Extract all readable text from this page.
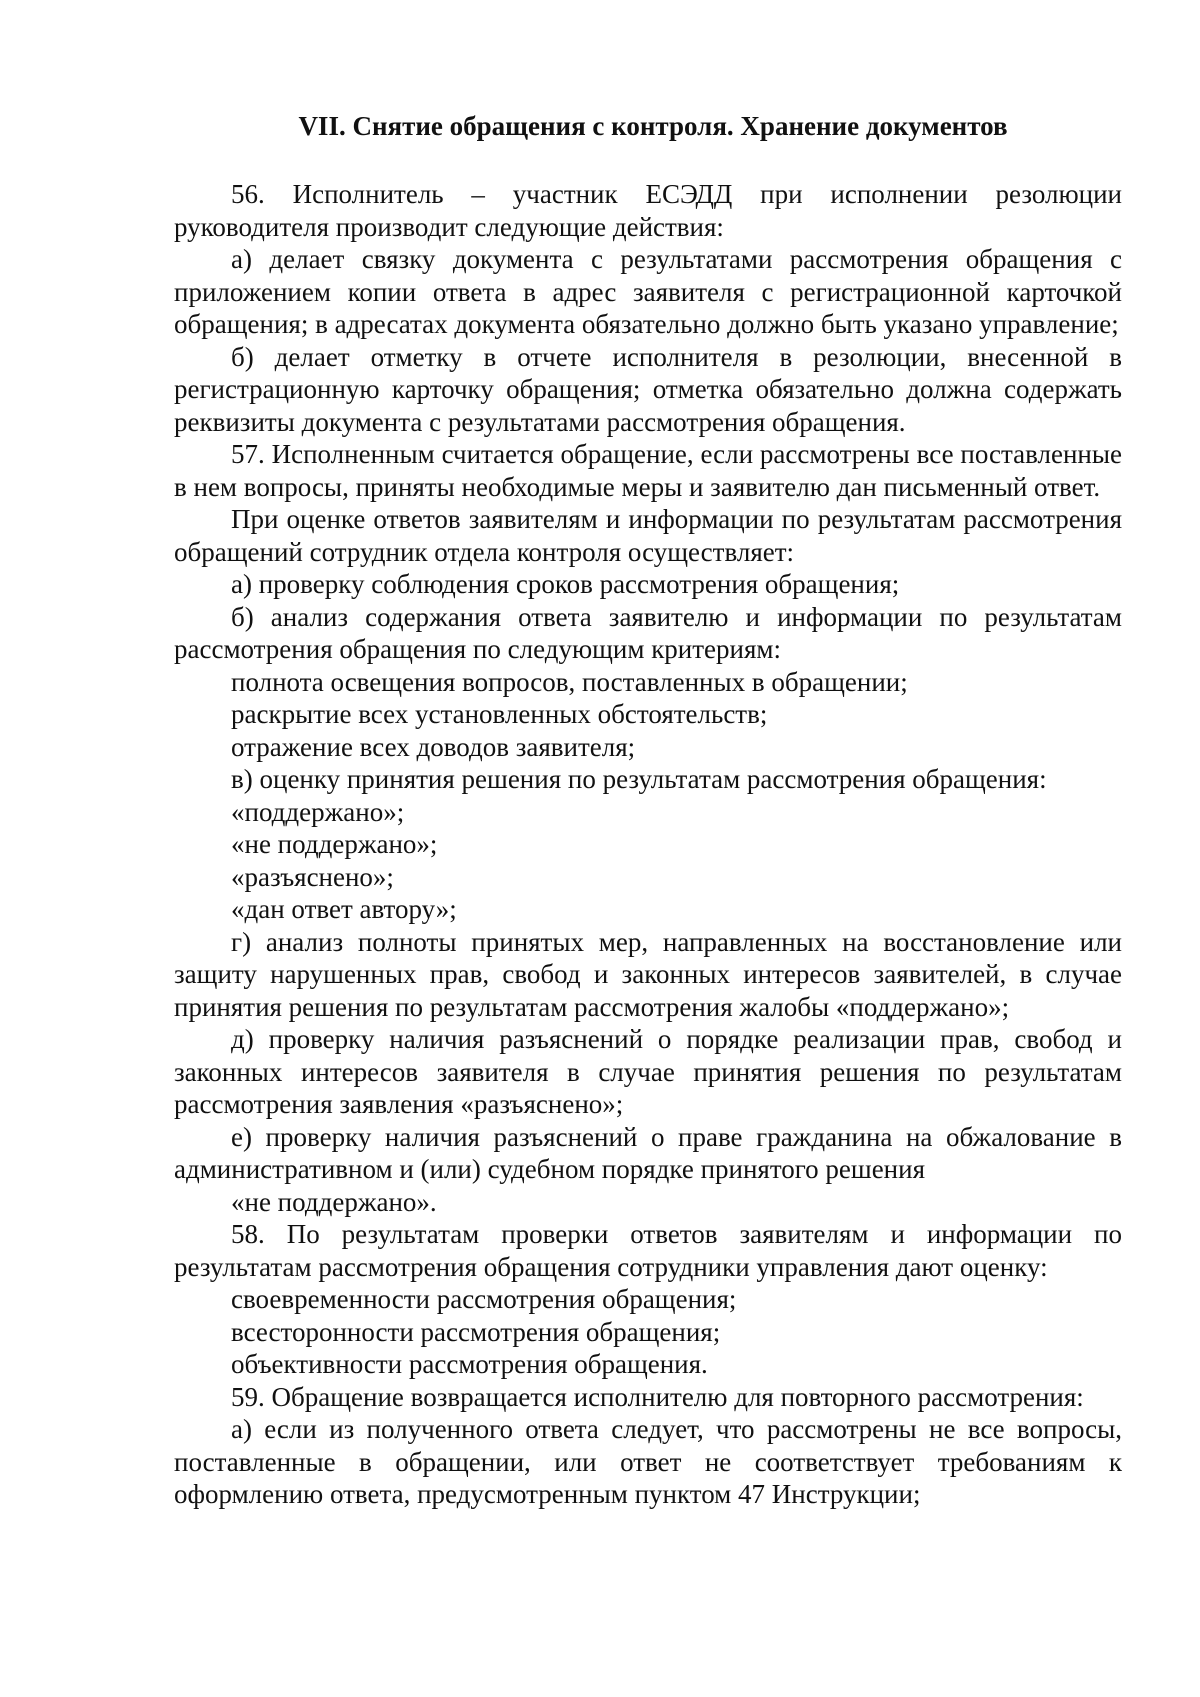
VII. Снятие обращения с контроля. Хранение документов

56. Исполнитель – участник ЕСЭДД при исполнении резолюции руководителя производит следующие действия:

а) делает связку документа с результатами рассмотрения обращения с приложением копии ответа в адрес заявителя с регистрационной карточкой обращения; в адресатах документа обязательно должно быть указано управление;

б) делает отметку в отчете исполнителя в резолюции, внесенной в регистрационную карточку обращения; отметка обязательно должна содержать реквизиты документа с результатами рассмотрения обращения.

57. Исполненным считается обращение, если рассмотрены все поставленные в нем вопросы, приняты необходимые меры и заявителю дан письменный ответ.

При оценке ответов заявителям и информации по результатам рассмотрения обращений сотрудник отдела контроля осуществляет:

а) проверку соблюдения сроков рассмотрения обращения;

б) анализ содержания ответа заявителю и информации по результатам рассмотрения обращения по следующим критериям:

полнота освещения вопросов, поставленных в обращении;

раскрытие всех установленных обстоятельств;

отражение всех доводов заявителя;

в) оценку принятия решения по результатам рассмотрения обращения:

«поддержано»;

«не поддержано»;

«разъяснено»;

«дан ответ автору»;

г) анализ полноты принятых мер, направленных на восстановление или защиту нарушенных прав, свобод и законных интересов заявителей, в случае принятия решения по результатам рассмотрения жалобы «поддержано»;

д) проверку наличия разъяснений о порядке реализации прав, свобод и законных интересов заявителя в случае принятия решения по результатам рассмотрения заявления «разъяснено»;

е) проверку наличия разъяснений о праве гражданина на обжалование в административном и (или) судебном порядке принятого решения

«не поддержано».

58. По результатам проверки ответов заявителям и информации по результатам рассмотрения обращения сотрудники управления дают оценку:

своевременности рассмотрения обращения;

всесторонности рассмотрения обращения;

объективности рассмотрения обращения.

59. Обращение возвращается исполнителю для повторного рассмотрения:

а) если из полученного ответа следует, что рассмотрены не все вопросы, поставленные в обращении, или ответ не соответствует требованиям к оформлению ответа, предусмотренным пунктом 47 Инструкции;
